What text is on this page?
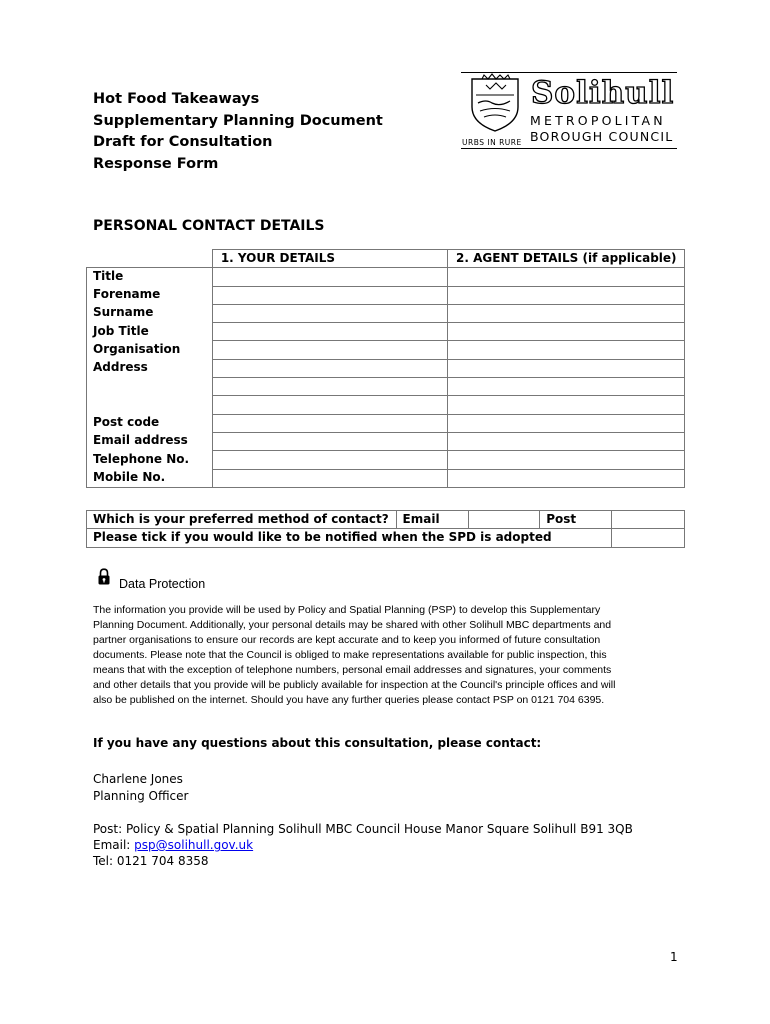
Hot Food Takeaways
Supplementary Planning Document
Draft for Consultation
Response Form
URBS IN RURE
Solihull
METROPOLITAN
BOROUGH COUNCIL
PERSONAL CONTACT DETAILS
	1. YOUR DETAILS	2. AGENT DETAILS (if applicable)
Title		
Forename		
Surname		
Job Title		
Organisation		
Address		

Post code		
Email address		
Telephone No.		
Mobile No.		
Which is your preferred method of contact?	Email		Post	
Please tick if you would like to be notified when the SPD is adopted				
Data Protection
The information you provide will be used by Policy and Spatial Planning (PSP) to develop this Supplementary
Planning Document. Additionally, your personal details may be shared with other Solihull MBC departments and
partner organisations to ensure our records are kept accurate and to keep you informed of future consultation
documents. Please note that the Council is obliged to make representations available for public inspection, this
means that with the exception of telephone numbers, personal email addresses and signatures, your comments
and other details that you provide will be publicly available for inspection at the Council's principle offices and will
also be published on the internet. Should you have any further queries please contact PSP on 0121 704 6395.
If you have any questions about this consultation, please contact:
Charlene Jones
Planning Officer
Post: Policy & Spatial Planning Solihull MBC Council House Manor Square Solihull B91 3QB
Email: psp@solihull.gov.uk
Tel: 0121 704 8358
1
